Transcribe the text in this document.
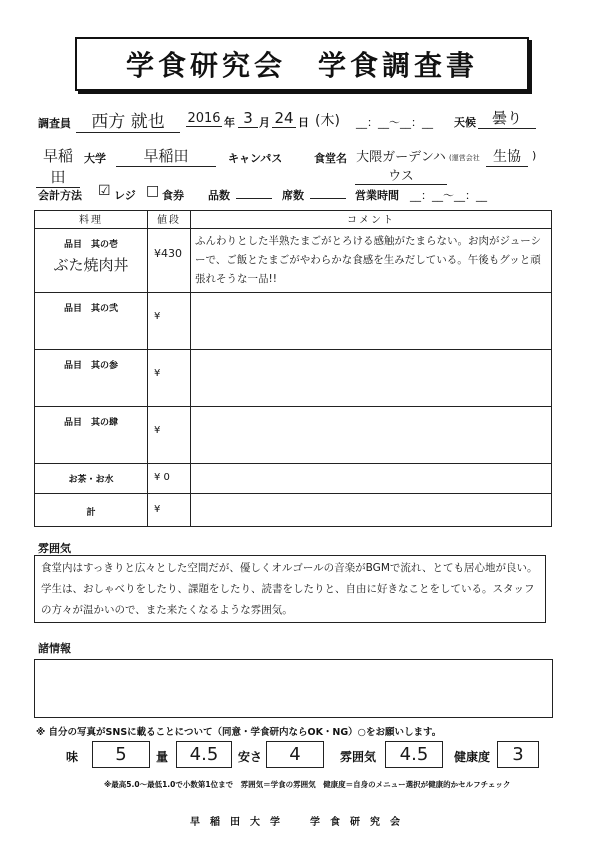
学食研究会　学食調査書
調査員	西方 就也	2016 年 3 月 24 日 (木) __：__〜__：__ 天候	曇り
早稲田
大学	早稲田	キャンパス	食堂名 大隈ガーデンハウス
(運営会社 生協	)
会計方法 ☑ レジ □ 食券 品数	席数	営業時間 __：__〜__：__
料理	値段	コメント

品目　其の壱
ぶた焼肉丼	¥430	ふんわりとした半熟たまごがとろける感触がたまらない。お肉がジューシーで、ご飯とたまごがやわらかな食感を生みだしている。午後もグッと頑張れそうな一品!!

品目　其の弐	¥	

品目　其の参	¥	

品目　其の肆	¥	

お茶・お水	¥ 0	

計	¥	

雰囲気
食堂内はすっきりと広々とした空間だが、優しくオルゴールの音楽がBGMで流れ、とても居心地が良い。学生は、おしゃべりをしたり、課題をしたり、読書をしたりと、自由に好きなことをしている。スタッフの方々が温かいので、また来たくなるような雰囲気。
諸情報
※ 自分の写真がSNSに載ることについて（同意・学食研内ならOK・NG）○をお願いします。
味	5	量	4.5	安さ	4	雰囲気	4.5	健康度	3
※最高5.0〜最低1.0で小数第1位まで　雰囲気＝学食の雰囲気　健康度＝自身のメニュー選択が健康的かセルフチェック
早　稲　田　大　学　　　学　食　研　究　会
